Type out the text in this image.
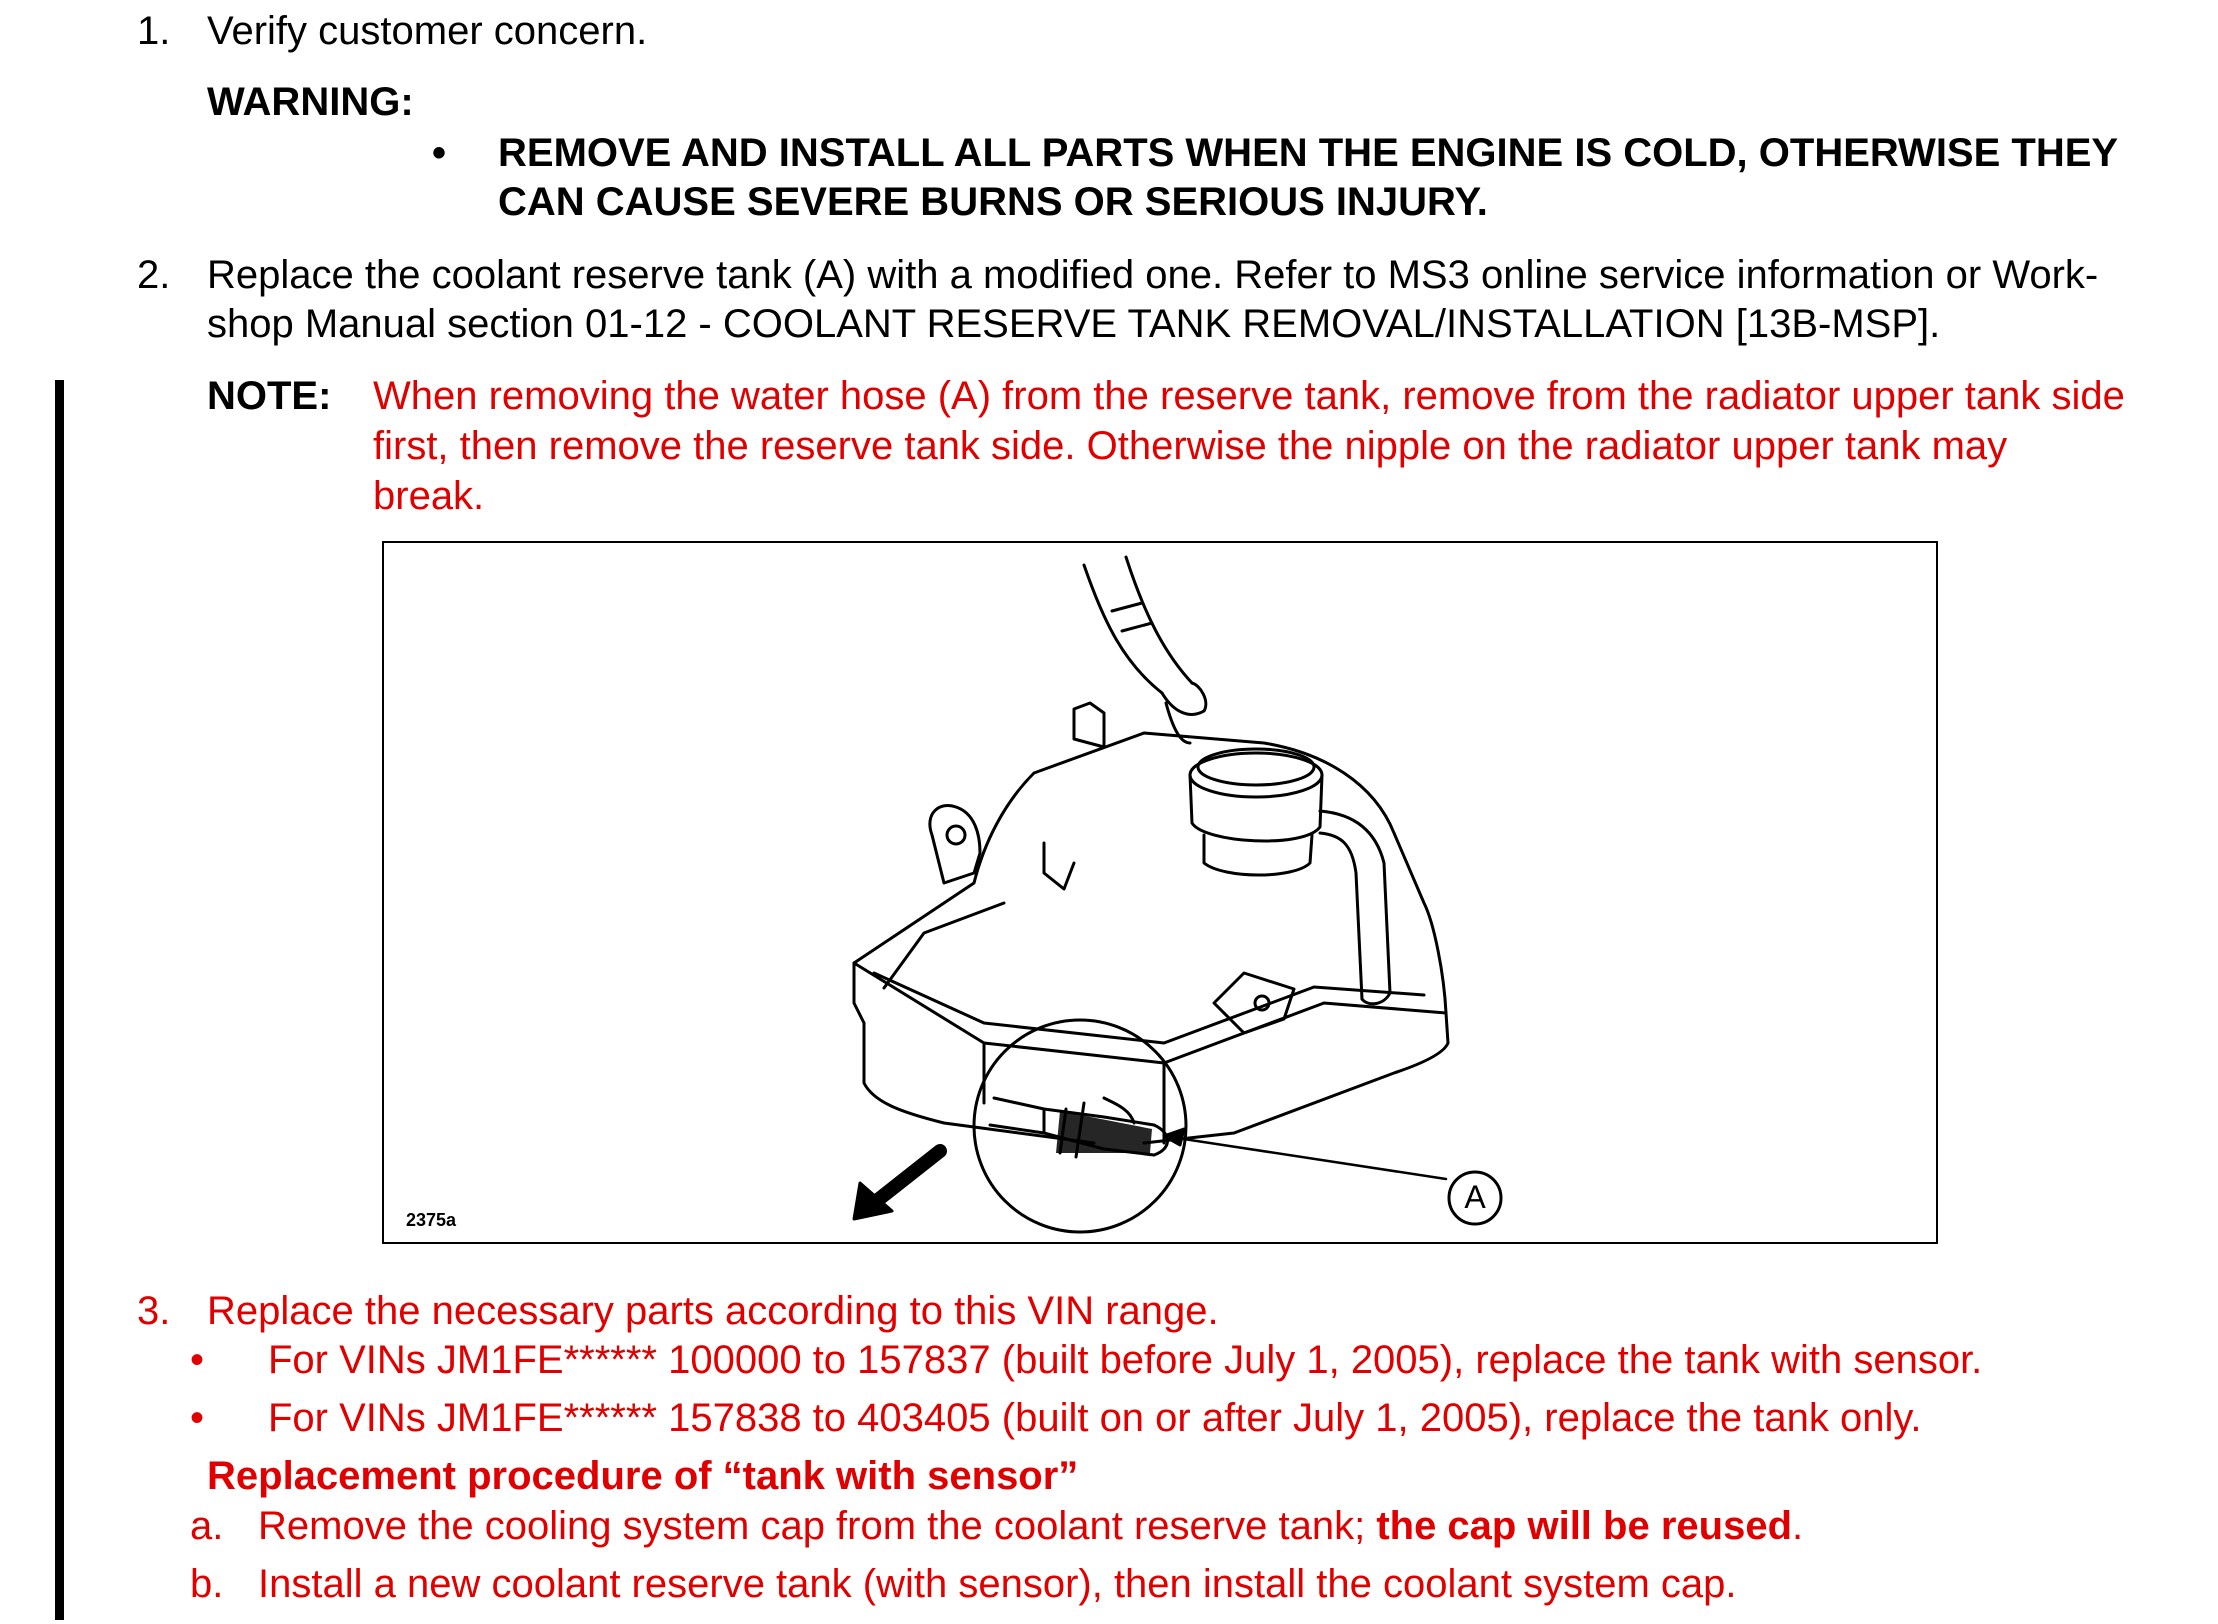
1. Verify customer concern.
WARNING:
• REMOVE AND INSTALL ALL PARTS WHEN THE ENGINE IS COLD, OTHERWISE THEY
CAN CAUSE SEVERE BURNS OR SERIOUS INJURY.
2. Replace the coolant reserve tank (A) with a modified one. Refer to MS3 online service information or Work-
shop Manual section 01-12 - COOLANT RESERVE TANK REMOVAL/INSTALLATION [13B-MSP].
NOTE: When removing the water hose (A) from the reserve tank, remove from the radiator upper tank side
first, then remove the reserve tank side. Otherwise the nipple on the radiator upper tank may
break.
A
2375a
3. Replace the necessary parts according to this VIN range.
• For VINs JM1FE****** 100000 to 157837 (built before July 1, 2005), replace the tank with sensor.
• For VINs JM1FE****** 157838 to 403405 (built on or after July 1, 2005), replace the tank only.
Replacement procedure of “tank with sensor”
a. Remove the cooling system cap from the coolant reserve tank; the cap will be reused.
b. Install a new coolant reserve tank (with sensor), then install the coolant system cap.
